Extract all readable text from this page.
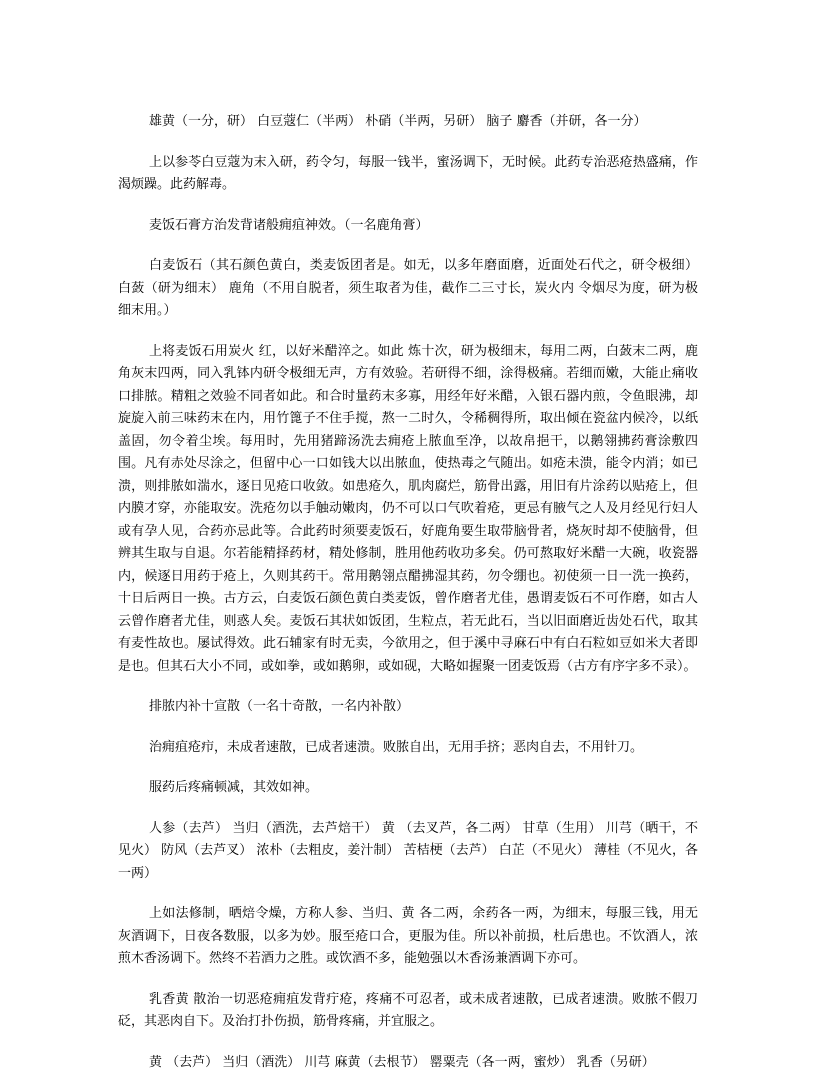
雄黄（一分，研） 白豆蔻仁（半两） 朴硝（半两，另研） 脑子 麝香（并研，各一分）

上以参苓白豆蔻为末入研，药令匀，每服一钱半，蜜汤调下，无时候。此药专治恶疮热盛痛，作渴烦躁。此药解毒。

麦饭石膏方治发背诸般痈疽神效。（一名鹿角膏）

白麦饭石（其石颜色黄白，类麦饭团者是。如无，以多年磨面磨，近面处石代之，研令极细） 白蔹（研为细末） 鹿角（不用自脱者，须生取者为佳，截作二三寸长，炭火内 令烟尽为度，研为极细末用。）

上将麦饭石用炭火 红，以好米醋淬之。如此 炼十次，研为极细末，每用二两，白蔹末二两，鹿角灰末四两，同入乳钵内研令极细无声，方有效验。若研得不细，涂得极痛。若细而嫩，大能止痛收口排脓。精粗之效验不同者如此。和合时量药末多寡，用经年好米醋，入银石器内煎，令鱼眼沸，却旋旋入前三味药末在内，用竹篦子不住手搅，熬一二时久，令稀稠得所，取出倾在瓷盆内候冷，以纸盖固，勿令着尘埃。每用时，先用猪蹄汤洗去痈疮上脓血至净，以故帛挹干，以鹅翎拂药膏涂敷四围。凡有赤处尽涂之，但留中心一口如钱大以出脓血，使热毒之气随出。如疮未溃，能令内消；如已溃，则排脓如湍水，逐日见疮口收敛。如患疮久，肌肉腐烂，筋骨出露，用旧有片涂药以贴疮上，但内膜才穿，亦能取安。洗疮勿以手触动嫩肉，仍不可以口气吹着疮，更忌有腋气之人及月经见行妇人或有孕人见，合药亦忌此等。合此药时须要麦饭石，好鹿角要生取带脑骨者，烧灰时却不使脑骨，但辨其生取与自退。尔若能精择药材，精处修制，胜用他药收功多矣。仍可熬取好米醋一大碗，收瓷器内，候逐日用药于疮上，久则其药干。常用鹅翎点醋拂湿其药，勿令绷也。初使须一日一洗一换药，十日后两日一换。古方云，白麦饭石颜色黄白类麦饭，曾作磨者尤佳，愚谓麦饭石不可作磨，如古人云曾作磨者尤佳，则惑人矣。麦饭石其状如饭团，生粒点，若无此石，当以旧面磨近齿处石代，取其有麦性故也。屡试得效。此石辅家有时无卖，今欲用之，但于溪中寻麻石中有白石粒如豆如米大者即是也。但其石大小不同，或如拳，或如鹅卵，或如砚，大略如握聚一团麦饭焉（古方有序字多不录）。

排脓内补十宣散（一名十奇散，一名内补散）

治痈疽疮疖，未成者速散，已成者速溃。败脓自出，无用手挤；恶肉自去，不用针刀。

服药后疼痛顿减，其效如神。

人参（去芦） 当归（酒洗，去芦焙干） 黄 （去叉芦，各二两） 甘草（生用） 川芎（晒干，不见火） 防风（去芦叉） 浓朴（去粗皮，姜汁制） 苦桔梗（去芦） 白芷（不见火） 薄桂（不见火，各一两）

上如法修制，晒焙令燥，方称人参、当归、黄 各二两，余药各一两，为细末，每服三钱，用无灰酒调下，日夜各数服，以多为妙。服至疮口合，更服为佳。所以补前损，杜后患也。不饮酒人，浓煎木香汤调下。然终不若酒力之胜。或饮酒不多，能勉强以木香汤兼酒调下亦可。

乳香黄 散治一切恶疮痈疽发背疔疮，疼痛不可忍者，或未成者速散，已成者速溃。败脓不假刀砭，其恶肉自下。及治打扑伤损，筋骨疼痛，并宜服之。

黄 （去芦） 当归（酒洗） 川芎 麻黄（去根节） 罂粟壳（各一两，蜜炒） 乳香（另研）
